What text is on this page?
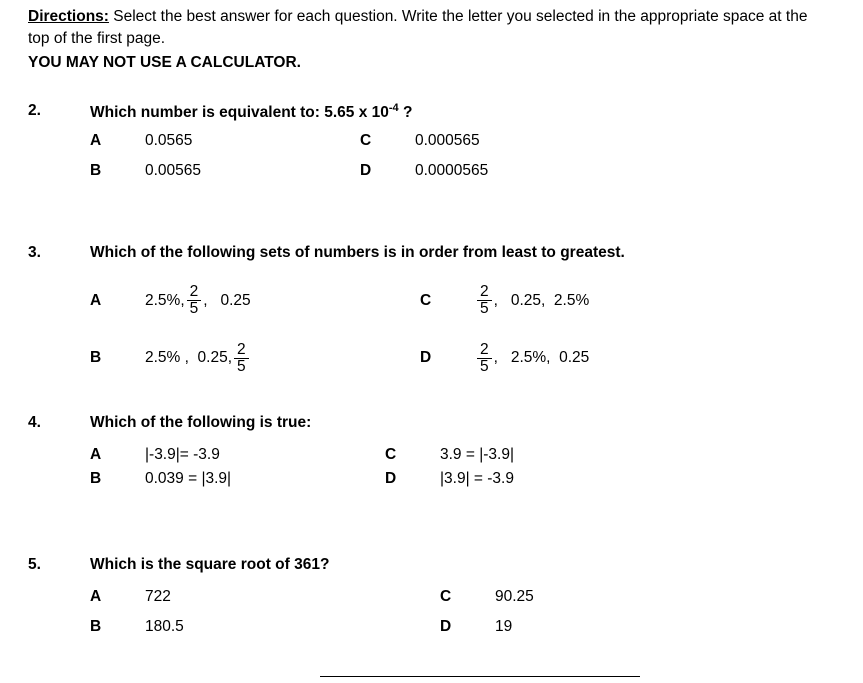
Directions: Select the best answer for each question. Write the letter you selected in the appropriate space at the top of the first page.
YOU MAY NOT USE A CALCULATOR.
2.	Which number is equivalent to: 5.65 x $10^{-4}$ ?
A	0.0565	C	0.000565
B	0.00565	D	0.0000565
3.	Which of the following sets of numbers is in order from least to greatest.
A	2.5%, $\frac{2}{5}$ ,   0.25	C	$\frac{2}{5}$ ,   0.25,  2.5%
B	2.5% ,  0.25, $\frac{2}{5}$	D	$\frac{2}{5}$ ,   2.5%,  0.25
4.	Which of the following is true:
A	|-3.9|= -3.9	C	3.9 = |-3.9|
B	0.039 = |3.9|	D	|3.9| = -3.9
5.	Which is the square root of 361?
A	722	C	90.25
B	180.5	D	19
